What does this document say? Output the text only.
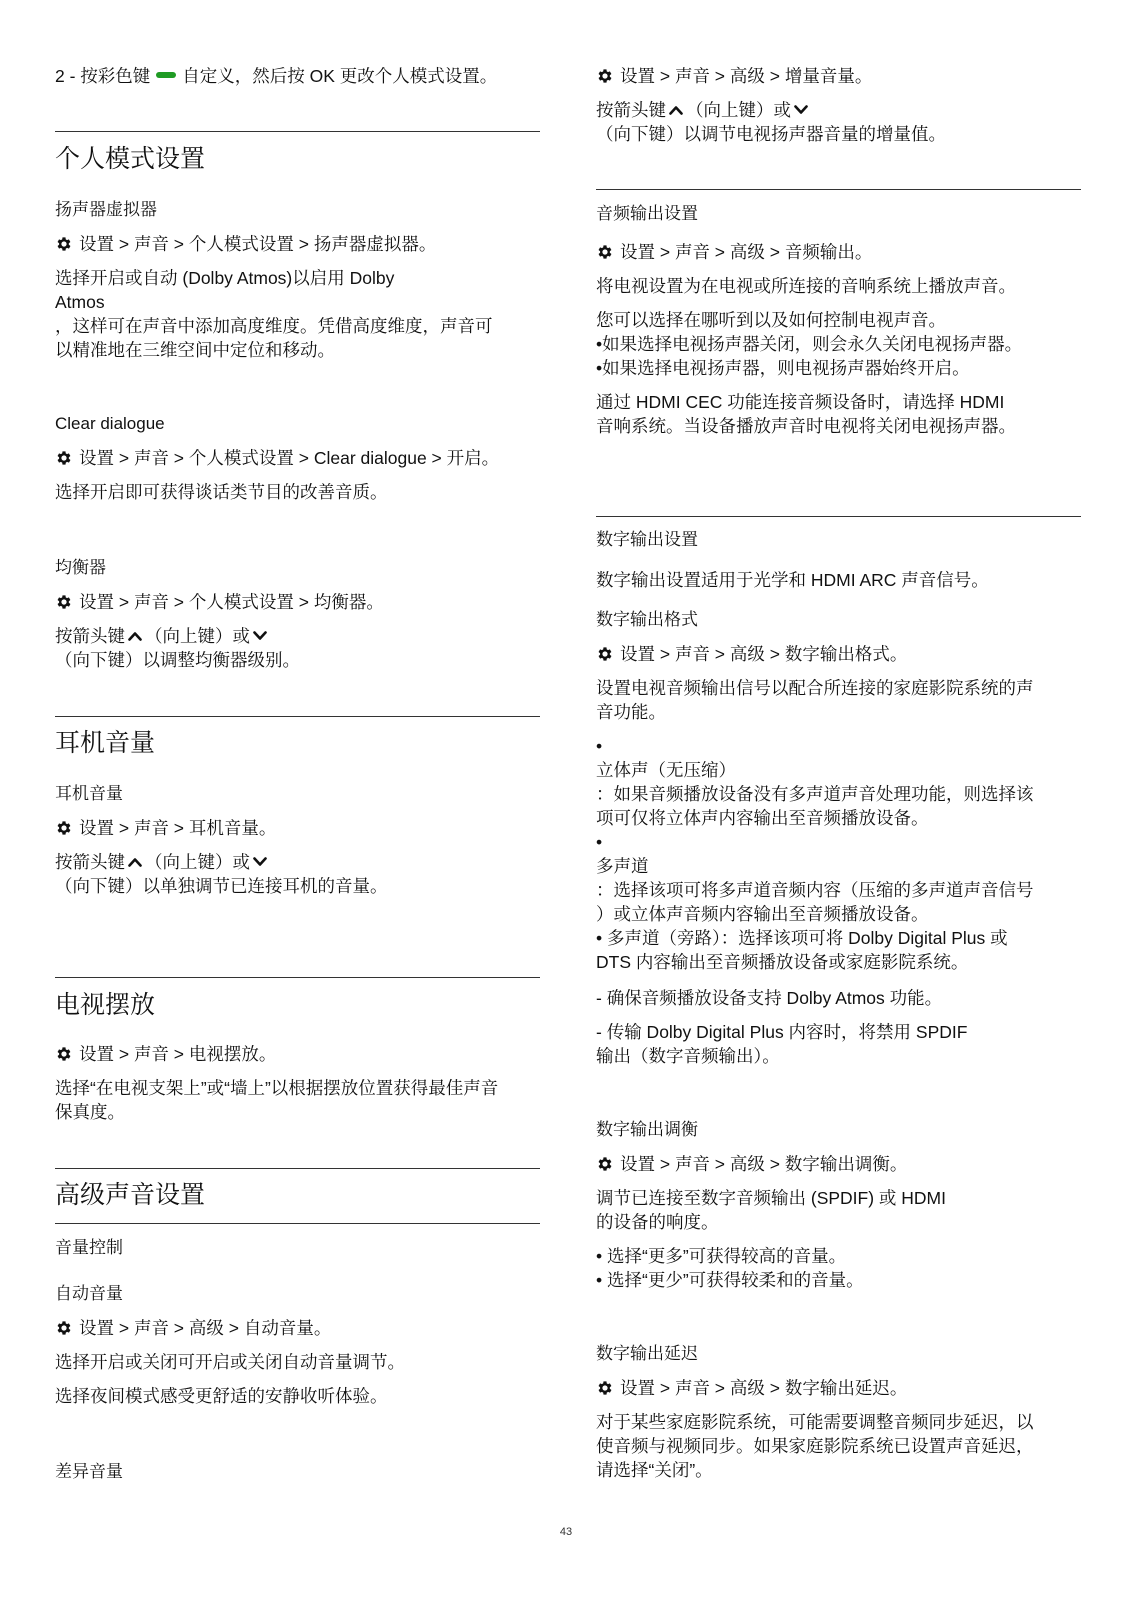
2 - 按彩色键 自定义，然后按 OK 更改个人模式设置。

个人模式设置

扬声器虚拟器

设置 > 声音 > 个人模式设置 > 扬声器虚拟器。

选择开启或自动 (Dolby Atmos)以启用 Dolby
Atmos
，这样可在声音中添加高度维度。凭借高度维度，声音可
以精准地在三维空间中定位和移动。

Clear dialogue

设置 > 声音 > 个人模式设置 > Clear dialogue > 开启。

选择开启即可获得谈话类节目的改善音质。

均衡器

设置 > 声音 > 个人模式设置 > 均衡器。

按箭头键 （向上键）或
（向下键）以调整均衡器级别。

耳机音量

耳机音量

设置 > 声音 > 耳机音量。

按箭头键 （向上键）或
（向下键）以单独调节已连接耳机的音量。

电视摆放

设置 > 声音 > 电视摆放。

选择“在电视支架上”或“墙上”以根据摆放位置获得最佳声音
保真度。

高级声音设置

音量控制

自动音量

设置 > 声音 > 高级 > 自动音量。

选择开启或关闭可开启或关闭自动音量调节。

选择夜间模式感受更舒适的安静收听体验。

差异音量

设置 > 声音 > 高级 > 增量音量。

按箭头键 （向上键）或
（向下键）以调节电视扬声器音量的增量值。

音频输出设置

设置 > 声音 > 高级 > 音频输出。

将电视设置为在电视或所连接的音响系统上播放声音。

您可以选择在哪听到以及如何控制电视声音。
•如果选择电视扬声器关闭，则会永久关闭电视扬声器。
•如果选择电视扬声器，则电视扬声器始终开启。

通过 HDMI CEC 功能连接音频设备时，请选择 HDMI
音响系统。当设备播放声音时电视将关闭电视扬声器。

数字输出设置

数字输出设置适用于光学和 HDMI ARC 声音信号。

数字输出格式

设置 > 声音 > 高级 > 数字输出格式。

设置电视音频输出信号以配合所连接的家庭影院系统的声
音功能。

•
立体声（无压缩）
：如果音频播放设备没有多声道声音处理功能，则选择该
项可仅将立体声内容输出至音频播放设备。
•
多声道
：选择该项可将多声道音频内容（压缩的多声道声音信号
）或立体声音频内容输出至音频播放设备。
• 多声道（旁路）：选择该项可将 Dolby Digital Plus 或
DTS 内容输出至音频播放设备或家庭影院系统。

- 确保音频播放设备支持 Dolby Atmos 功能。

- 传输 Dolby Digital Plus 内容时，将禁用 SPDIF
输出（数字音频输出）。

数字输出调衡

设置 > 声音 > 高级 > 数字输出调衡。

调节已连接至数字音频输出 (SPDIF) 或 HDMI
的设备的响度。

• 选择“更多”可获得较高的音量。
• 选择“更少”可获得较柔和的音量。

数字输出延迟

设置 > 声音 > 高级 > 数字输出延迟。

对于某些家庭影院系统，可能需要调整音频同步延迟，以
使音频与视频同步。如果家庭影院系统已设置声音延迟，
请选择“关闭”。

43
